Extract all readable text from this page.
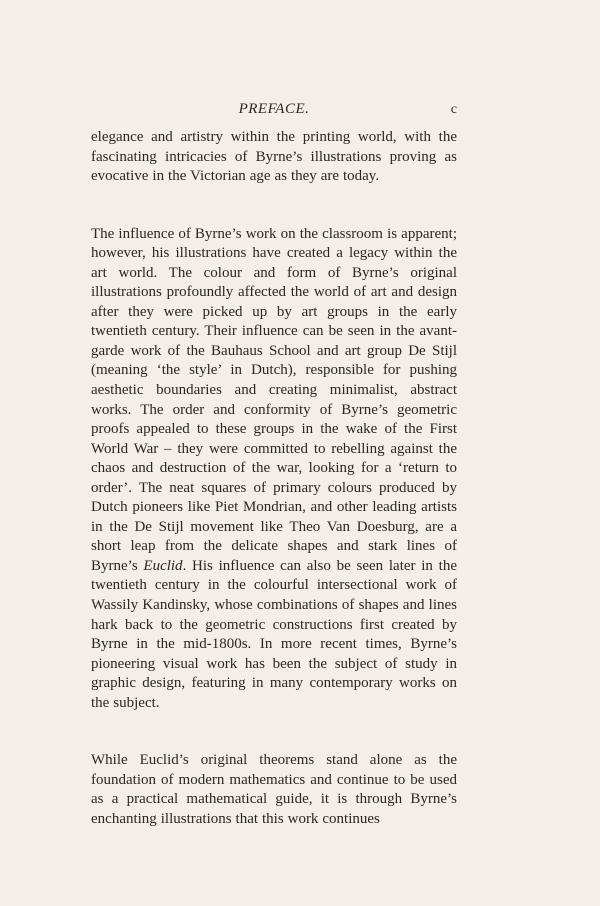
PREFACE.	c

elegance and artistry within the printing world, with the fascinating intricacies of Byrne’s illustrations proving as evocative in the Victorian age as they are today.

The influence of Byrne’s work on the classroom is apparent; however, his illustrations have created a legacy within the art world. The colour and form of Byrne’s original illustrations profoundly affected the world of art and design after they were picked up by art groups in the early twentieth century. Their influence can be seen in the avant-garde work of the Bauhaus School and art group De Stijl (meaning ‘the style’ in Dutch), responsible for pushing aesthetic boundaries and creating minimalist, abstract works. The order and conformity of Byrne’s geometric proofs appealed to these groups in the wake of the First World War – they were committed to rebelling against the chaos and destruction of the war, looking for a ‘return to order’. The neat squares of primary colours produced by Dutch pioneers like Piet Mondrian, and other leading artists in the De Stijl movement like Theo Van Doesburg, are a short leap from the delicate shapes and stark lines of Byrne’s Euclid. His influence can also be seen later in the twentieth century in the colourful intersectional work of Wassily Kandinsky, whose combinations of shapes and lines hark back to the geometric constructions first created by Byrne in the mid-1800s. In more recent times, Byrne’s pioneering visual work has been the subject of study in graphic design, featuring in many contemporary works on the subject.

While Euclid’s original theorems stand alone as the foundation of modern mathematics and continue to be used as a practical mathematical guide, it is through Byrne’s enchanting illustrations that this work continues
